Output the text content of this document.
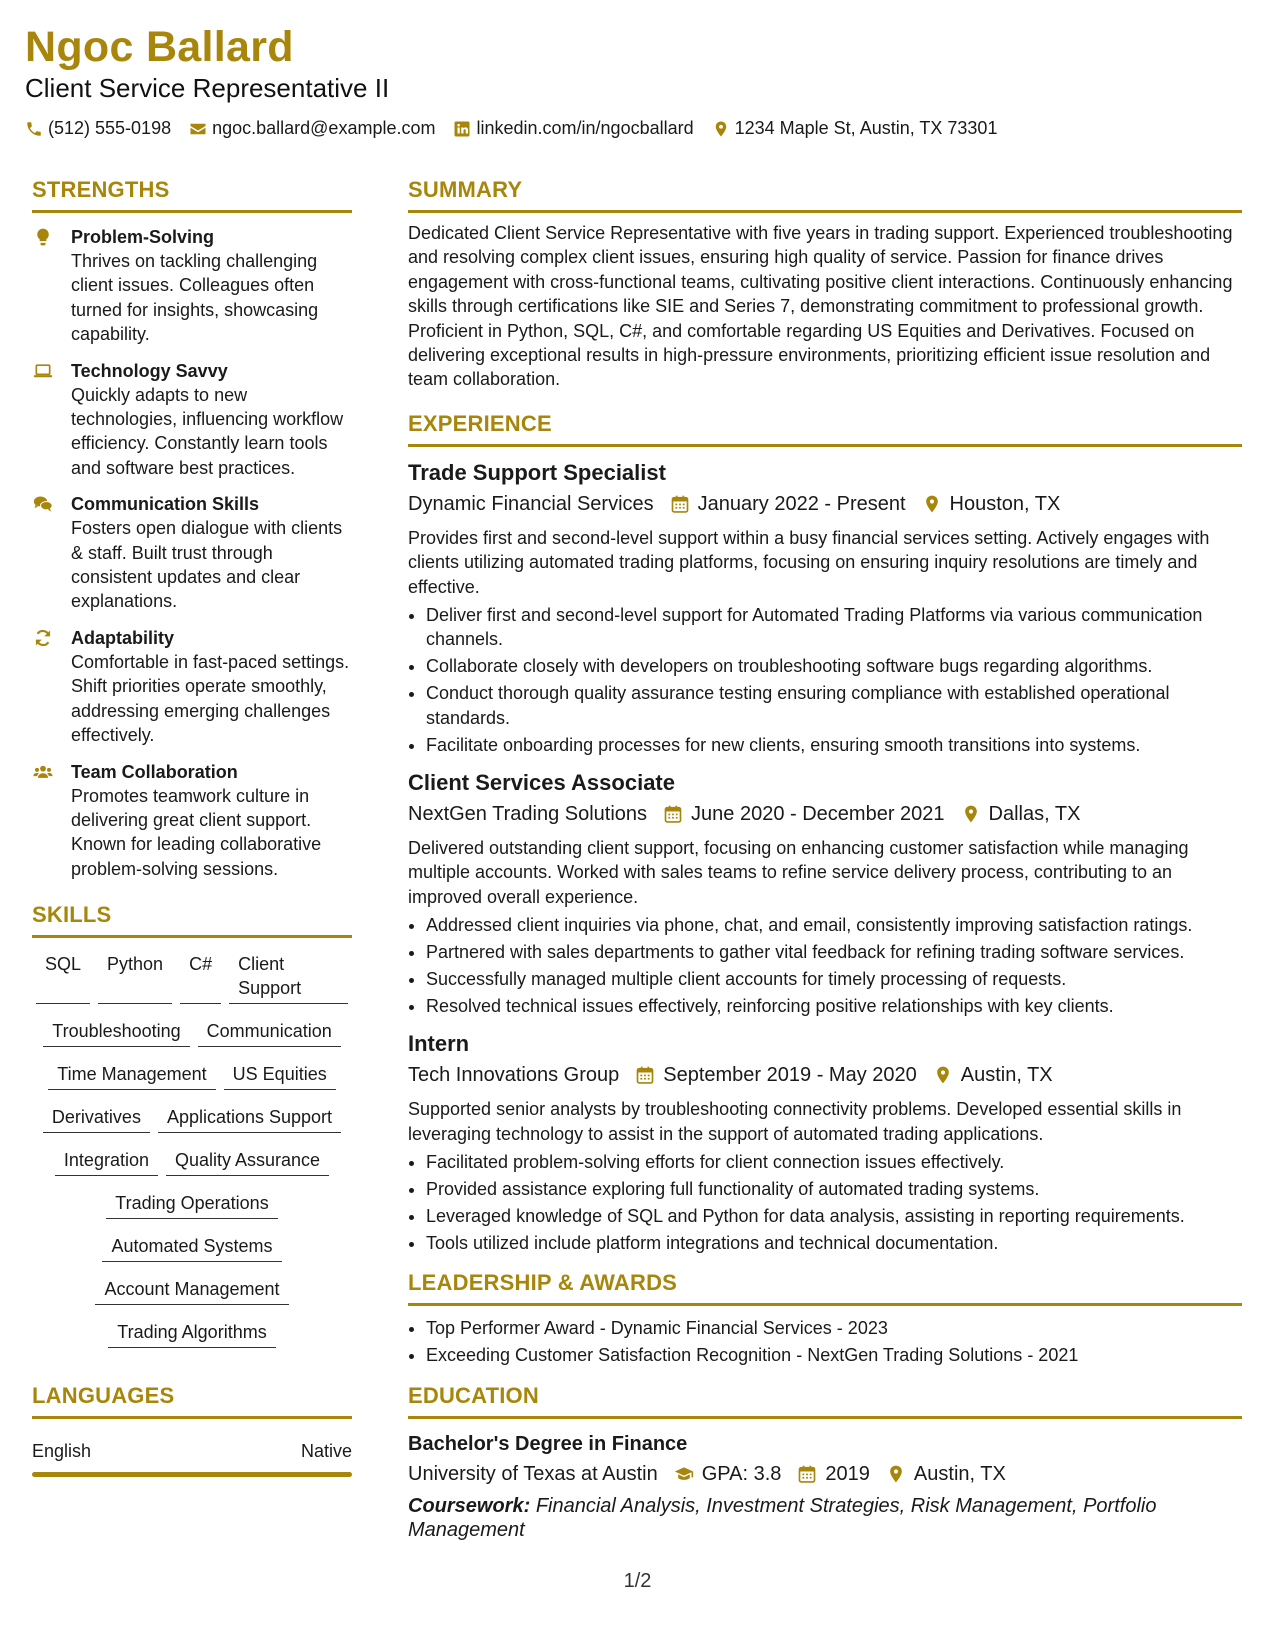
Ngoc Ballard
Client Service Representative II
(512) 555-0198 ngoc.ballard@example.com linkedin.com/in/ngocballard 1234 Maple St, Austin, TX 73301
STRENGTHS
Problem-Solving
Thrives on tackling challenging client issues. Colleagues often turned for insights, showcasing capability.
Technology Savvy
Quickly adapts to new technologies, influencing workflow efficiency. Constantly learn tools and software best practices.
Communication Skills
Fosters open dialogue with clients & staff. Built trust through consistent updates and clear explanations.
Adaptability
Comfortable in fast-paced settings. Shift priorities operate smoothly, addressing emerging challenges effectively.
Team Collaboration
Promotes teamwork culture in delivering great client support. Known for leading collaborative problem-solving sessions.
SKILLS
SQL	Python	C#	Client Support
Troubleshooting	Communication
Time Management	US Equities
Derivatives	Applications Support
Integration	Quality Assurance
Trading Operations
Automated Systems
Account Management
Trading Algorithms
LANGUAGES
English	Native
SUMMARY
Dedicated Client Service Representative with five years in trading support. Experienced troubleshooting and resolving complex client issues, ensuring high quality of service. Passion for finance drives engagement with cross-functional teams, cultivating positive client interactions. Continuously enhancing skills through certifications like SIE and Series 7, demonstrating commitment to professional growth. Proficient in Python, SQL, C#, and comfortable regarding US Equities and Derivatives. Focused on delivering exceptional results in high-pressure environments, prioritizing efficient issue resolution and team collaboration.
EXPERIENCE
Trade Support Specialist
Dynamic Financial Services January 2022 - Present Houston, TX
Provides first and second-level support within a busy financial services setting. Actively engages with clients utilizing automated trading platforms, focusing on ensuring inquiry resolutions are timely and effective.
• Deliver first and second-level support for Automated Trading Platforms via various communication channels.
• Collaborate closely with developers on troubleshooting software bugs regarding algorithms.
• Conduct thorough quality assurance testing ensuring compliance with established operational standards.
• Facilitate onboarding processes for new clients, ensuring smooth transitions into systems.
Client Services Associate
NextGen Trading Solutions June 2020 - December 2021 Dallas, TX
Delivered outstanding client support, focusing on enhancing customer satisfaction while managing multiple accounts. Worked with sales teams to refine service delivery process, contributing to an improved overall experience.
• Addressed client inquiries via phone, chat, and email, consistently improving satisfaction ratings.
• Partnered with sales departments to gather vital feedback for refining trading software services.
• Successfully managed multiple client accounts for timely processing of requests.
• Resolved technical issues effectively, reinforcing positive relationships with key clients.
Intern
Tech Innovations Group September 2019 - May 2020 Austin, TX
Supported senior analysts by troubleshooting connectivity problems. Developed essential skills in leveraging technology to assist in the support of automated trading applications.
• Facilitated problem-solving efforts for client connection issues effectively.
• Provided assistance exploring full functionality of automated trading systems.
• Leveraged knowledge of SQL and Python for data analysis, assisting in reporting requirements.
• Tools utilized include platform integrations and technical documentation.
LEADERSHIP & AWARDS
• Top Performer Award - Dynamic Financial Services - 2023
• Exceeding Customer Satisfaction Recognition - NextGen Trading Solutions - 2021
EDUCATION
Bachelor's Degree in Finance
University of Texas at Austin GPA: 3.8 2019 Austin, TX
Coursework: Financial Analysis, Investment Strategies, Risk Management, Portfolio Management
1/2
